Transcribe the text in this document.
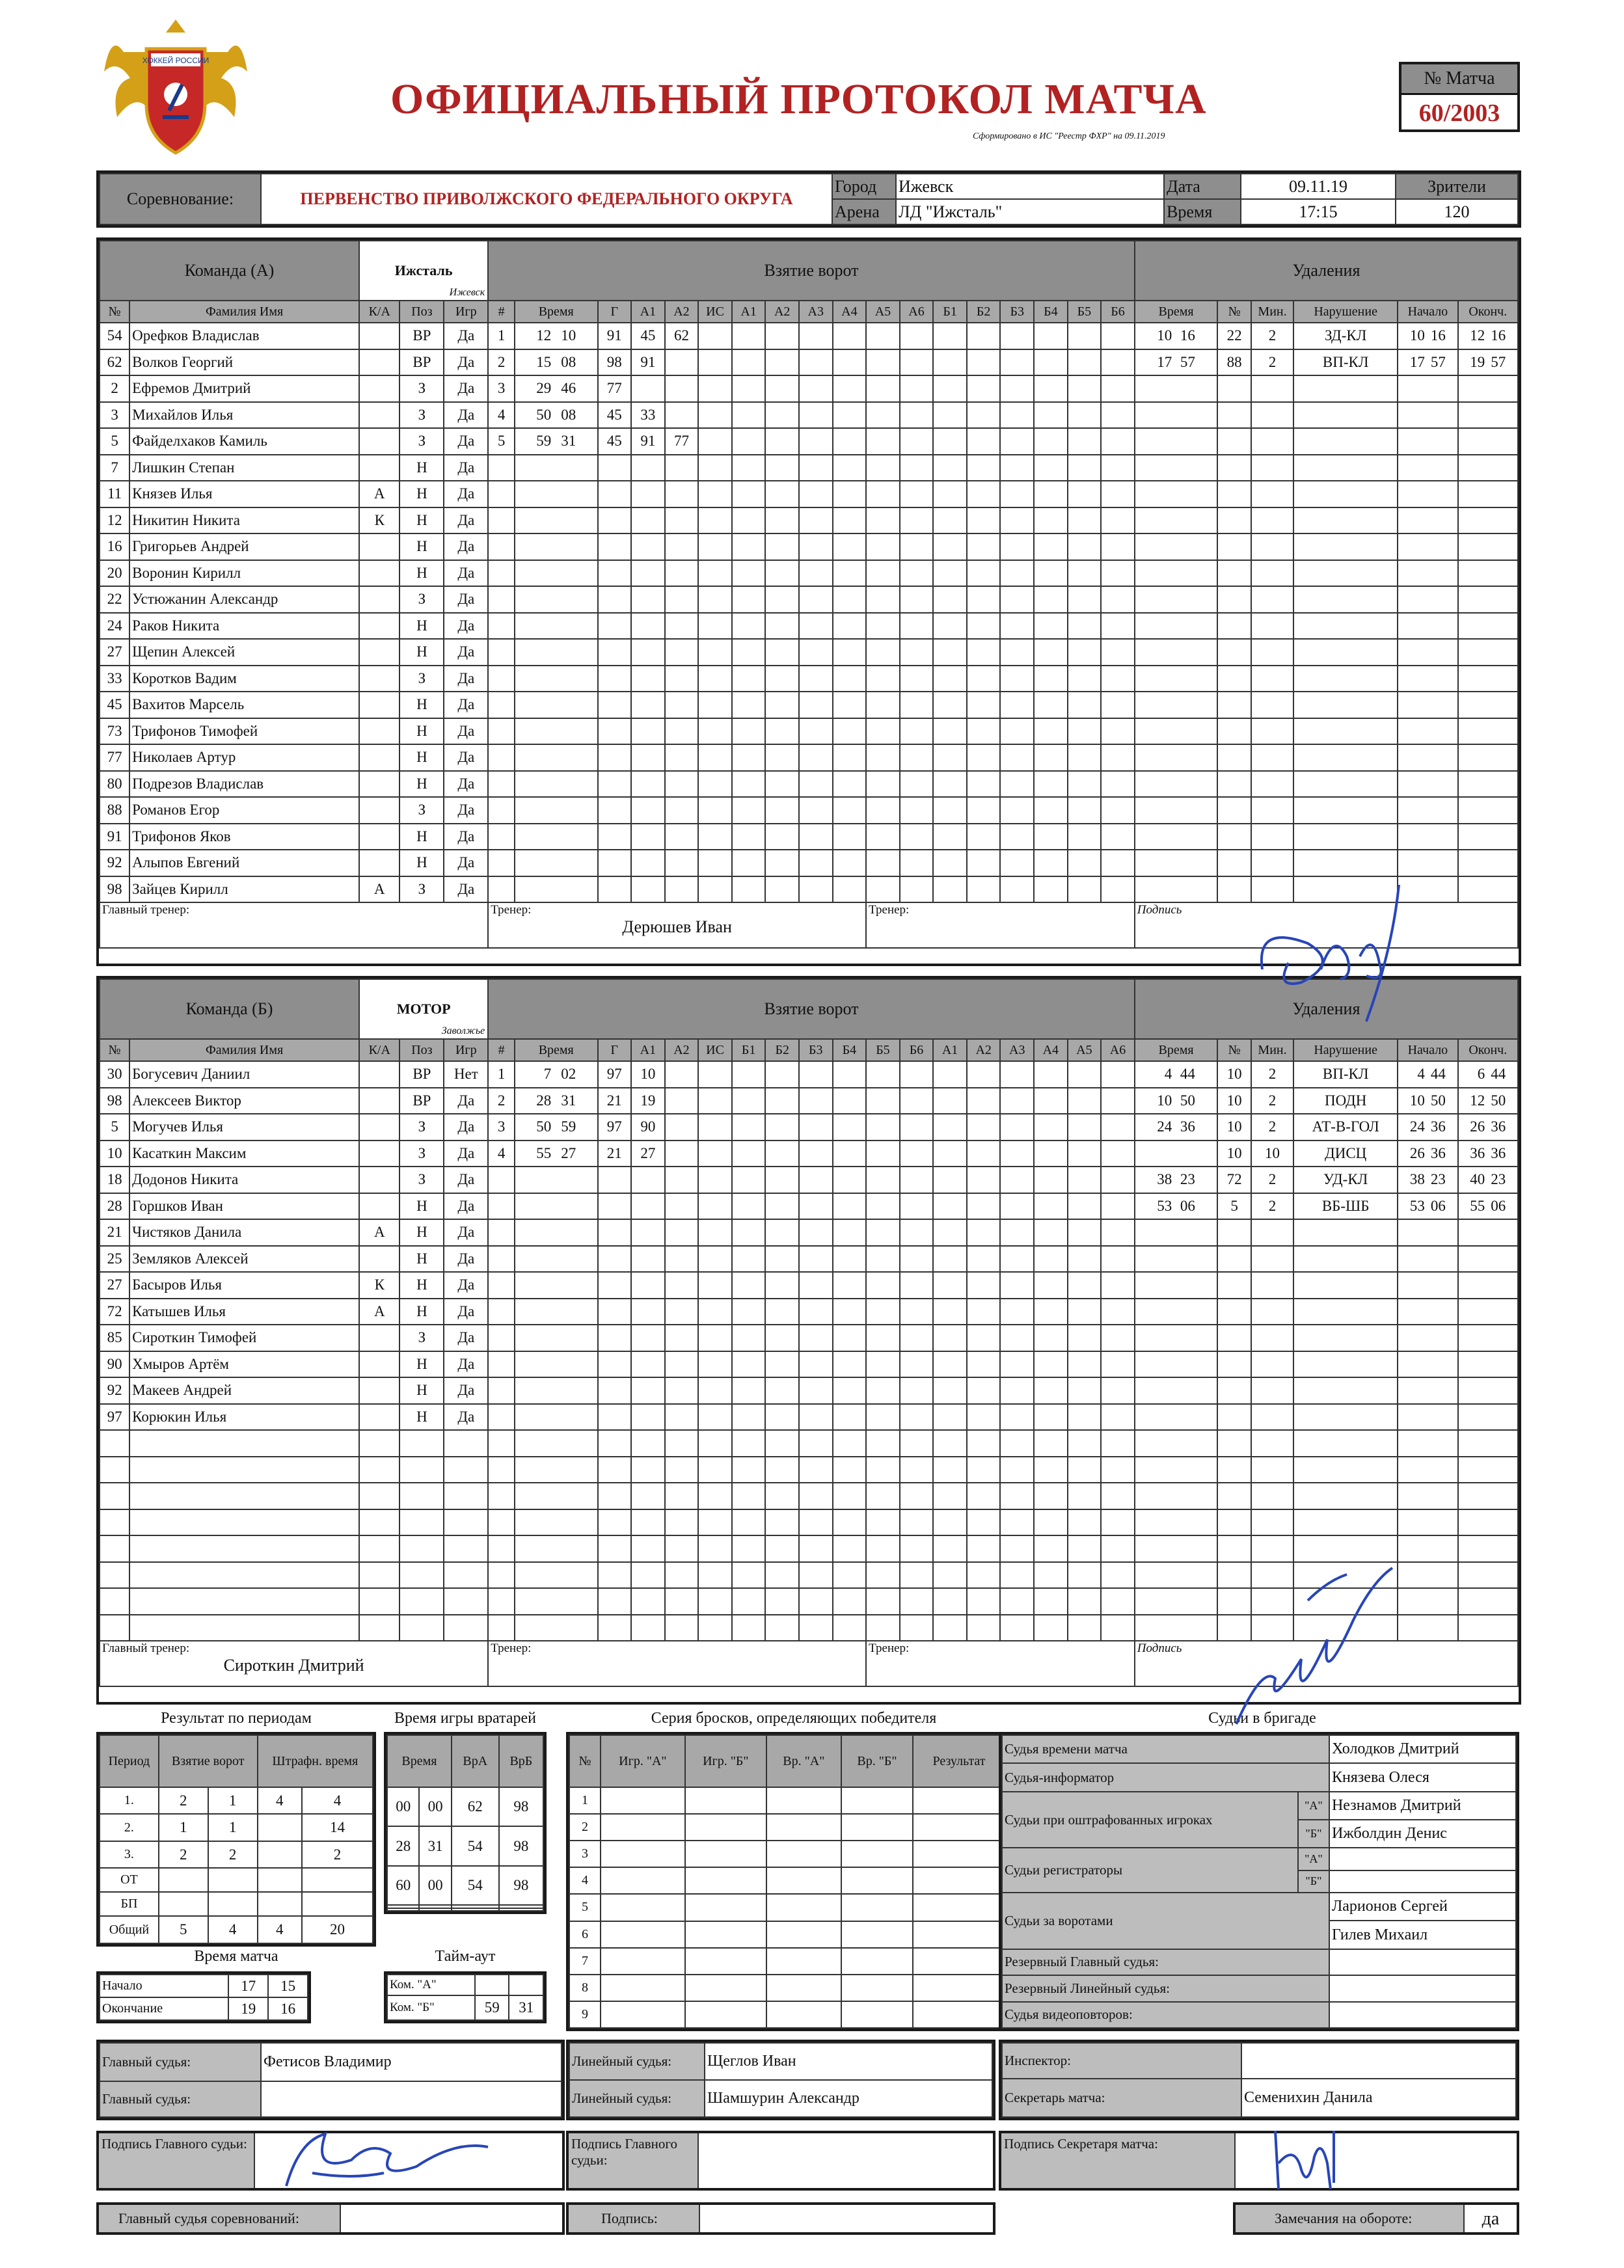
ХОККЕЙ РОССИИ
ОФИЦИАЛЬНЫЙ ПРОТОКОЛ МАТЧА
Сформировано в ИС "Реестр ФХР" на 09.11.2019
№ Матча
60/2003
Соревнование:	ПЕРВЕНСТВО ПРИВОЛЖСКОГО ФЕДЕРАЛЬНОГО ОКРУГА	Город	Ижевск	Дата	09.11.19	Зрители
		Арена	ЛД "Ижсталь"	Время	17:15	120
Команда (А)		Ижсталь
Ижевск			Взятие ворот																		Удаления					
№	Фамилия Имя	К/А	Поз	Игр	#	Время	Г	А1	А2	ИС	А1	А2	А3	А4	А5	А6	Б1	Б2	Б3	Б4	Б5	Б6	Время	№	Мин.	Нарушение	Начало	Оконч.
54	Орефков Владислав		ВР	Да	1	12 10	91	45	62														10 16	22	2	ЗД-КЛ	10 16	12 16
62	Волков Георгий		ВР	Да	2	15 08	98	91															17 57	88	2	ВП-КЛ	17 57	19 57
2	Ефремов Дмитрий		З	Да	3	29 46	77																					
3	Михайлов Илья		З	Да	4	50 08	45	33																				
5	Файделхаков Камиль		З	Да	5	59 31	45	91	77																			
7	Лишкин Степан		Н	Да																								
11	Князев Илья	А	Н	Да																								
12	Никитин Никита	К	Н	Да																								
16	Григорьев Андрей		Н	Да																								
20	Воронин Кирилл		Н	Да																								
22	Устюжанин Александр		З	Да																								
24	Раков Никита		Н	Да																								
27	Щепин Алексей		Н	Да																								
33	Коротков Вадим		З	Да																								
45	Вахитов Марсель		Н	Да																								
73	Трифонов Тимофей		Н	Да																								
77	Николаев Артур		Н	Да																								
80	Подрезов Владислав		Н	Да																								
88	Романов Егор		З	Да																								
91	Трифонов Яков		Н	Да																								
92	Алыпов Евгений		Н	Да																								
98	Зайцев Кирилл	А	З	Да																								

Главный тренер:					Тренер:
Дерюшев Иван										Тренер:								Подпись					
Команда (Б)		МОТОР
Заволжье			Взятие ворот																		Удаления					
№	Фамилия Имя	К/А	Поз	Игр	#	Время	Г	А1	А2	ИС	Б1	Б2	Б3	Б4	Б5	Б6	А1	А2	А3	А4	А5	А6	Время	№	Мин.	Нарушение	Начало	Оконч.
30	Богусевич Даниил		ВР	Нет	1	7 02	97	10															4 44	10	2	ВП-КЛ	4 44	6 44
98	Алексеев Виктор		ВР	Да	2	28 31	21	19															10 50	10	2	ПОДН	10 50	12 50
5	Могучев Илья		З	Да	3	50 59	97	90															24 36	10	2	АТ-В-ГОЛ	24 36	26 36
10	Касаткин Максим		З	Да	4	55 27	21	27																10	10	ДИСЦ	26 36	36 36
18	Додонов Никита		З	Да																			38 23	72	2	УД-КЛ	38 23	40 23
28	Горшков Иван		Н	Да																			53 06	5	2	ВБ-ШБ	53 06	55 06
21	Чистяков Данила	А	Н	Да																								
25	Земляков Алексей		Н	Да																								
27	Басыров Илья	К	Н	Да																								
72	Катышев Илья	А	Н	Да																								
85	Сироткин Тимофей		З	Да																								
90	Хмыров Артём		Н	Да																								
92	Макеев Андрей		Н	Да																								
97	Корюкин Илья		Н	Да																								

Главный тренер:
Сироткин Дмитрий					Тренер:										Тренер:								Подпись					
Результат по периодам
Период	Взятие ворот		Штрафн. время	
1.	2	1	4	4
2.	1	1		14
3.	2	2		2
ОТ				
БП				
Общий	5	4	4	20
Время игры вратарей
Время		ВрА	ВрБ
00	00	62	98
28	31	54	98
60	00	54	98

Серия бросков, определяющих победителя
№	Игр. "А"	Игр. "Б"	Вр. "А"	Вр. "Б"	Результат
1					
2					
3					
4					
5					
6					
7					
8					
9					
Время матча
Начало	17	15
Окончание	19	16
Тайм-аут
Ком. "А"		
Ком. "Б"	59	31
Судьи в бригаде
Судья времени матча		Холодков Дмитрий
Судья-информатор		Князева Олеся
Судьи при оштрафованных игроках	"А"	Незнамов Дмитрий
	"Б"	Ижболдин Денис
Судьи регистраторы	"А"	
	"Б"	
Судьи за воротами		Ларионов Сергей
		Гилев Михаил
Резервный Главный судья:		
Резервный Линейный судья:		
Судья видеоповторов:		
Главный судья:	Фетисов Владимир
Главный судья:	
Линейный судья:	Щеглов Иван
Линейный судья:	Шамшурин Александр
Инспектор:	
Секретарь матча:	Семенихин Данила
Подпись Главного судьи:	Подпись Главного судьи:
Подпись Секретаря матча:
Главный судья соревнований:	Подпись:	Замечания на обороте:	да
